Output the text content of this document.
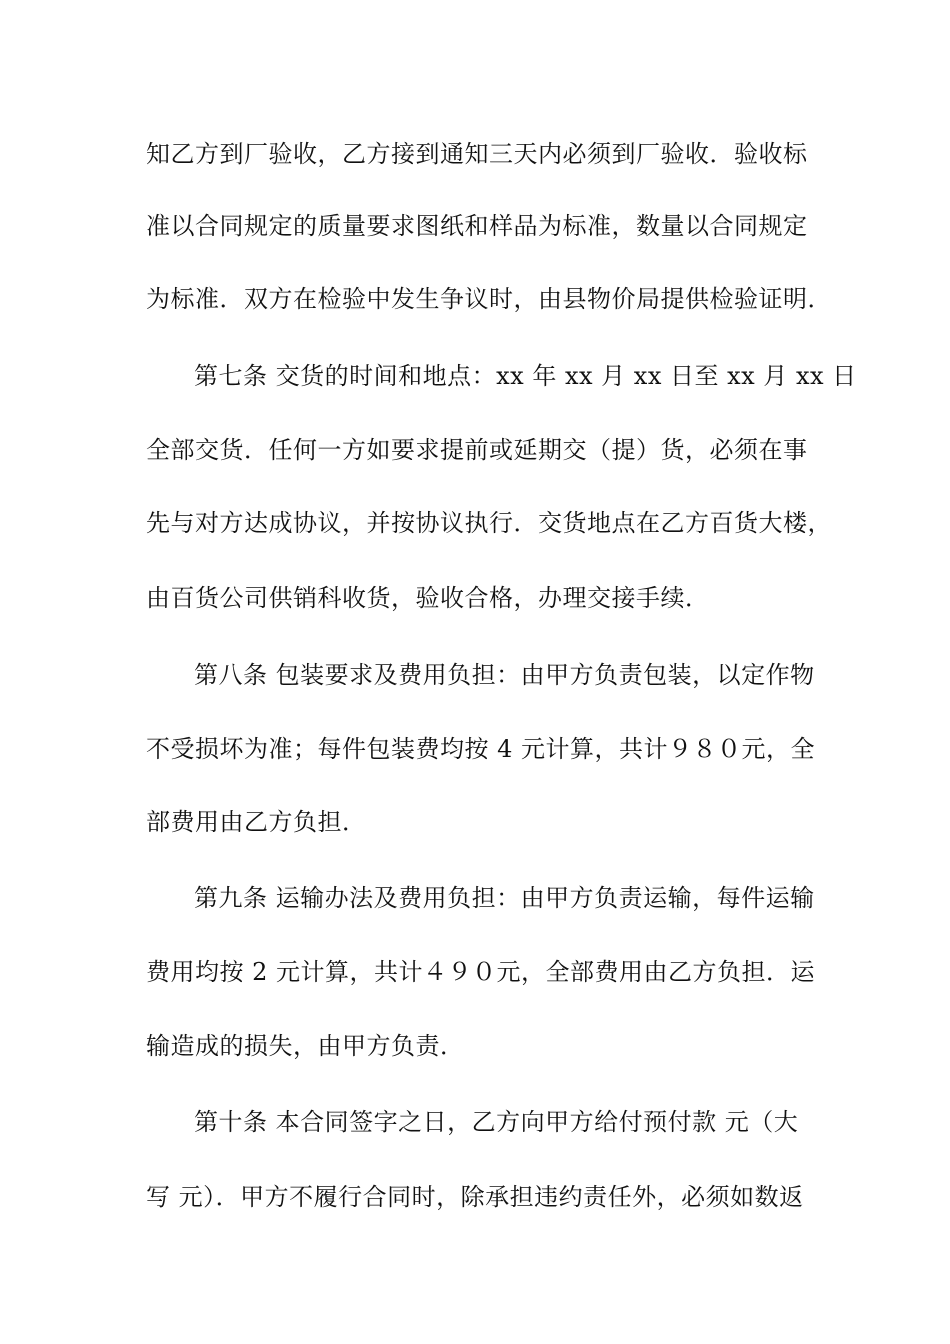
知乙方到厂验收，乙方接到通知三天内必须到厂验收．验收标
准以合同规定的质量要求图纸和样品为标准，数量以合同规定
为标准．双方在检验中发生争议时，由县物价局提供检验证明．
第七条 交货的时间和地点：xx 年 xx 月 xx 日至 xx 月 xx 日
全部交货．任何一方如要求提前或延期交（提）货，必须在事
先与对方达成协议，并按协议执行．交货地点在乙方百货大楼，
由百货公司供销科收货，验收合格，办理交接手续．
第八条 包装要求及费用负担：由甲方负责包装，以定作物
不受损坏为准；每件包装费均按 4 元计算，共计９８０元，全
部费用由乙方负担．
第九条 运输办法及费用负担：由甲方负责运输，每件运输
费用均按 2 元计算，共计４９０元，全部费用由乙方负担．运
输造成的损失，由甲方负责．
第十条 本合同签字之日，乙方向甲方给付预付款 元（大
写 元）．甲方不履行合同时，除承担违约责任外，必须如数返
